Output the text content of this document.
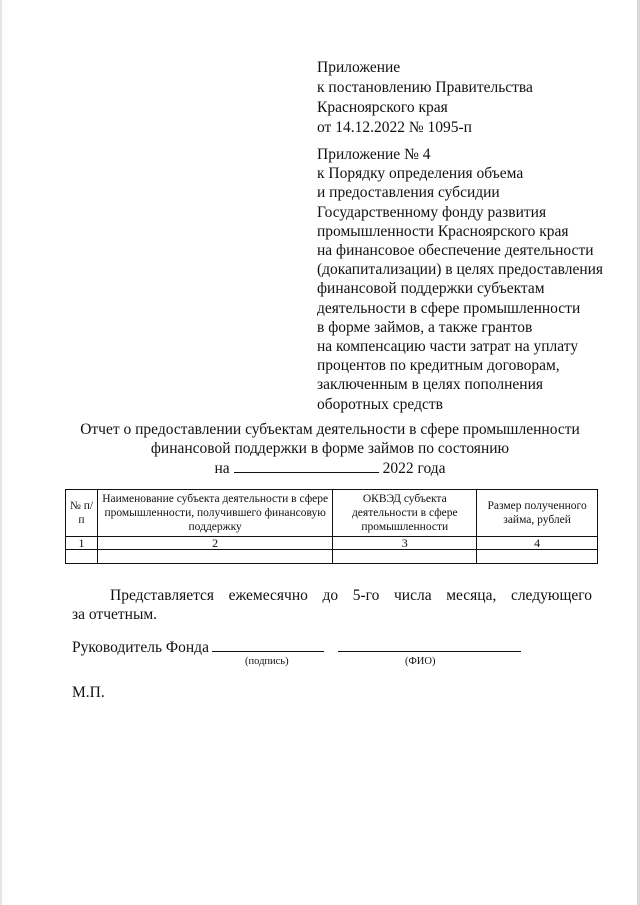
Приложение
к постановлению Правительства
Красноярского края
от 14.12.2022 № 1095-п
Приложение № 4
к Порядку определения объема
и предоставления субсидии
Государственному фонду развития
промышленности Красноярского края
на финансовое обеспечение деятельности
(докапитализации) в целях предоставления
финансовой поддержки субъектам
деятельности в сфере промышленности
в форме займов, а также грантов
на компенсацию части затрат на уплату
процентов по кредитным договорам,
заключенным в целях пополнения
оборотных средств
Отчет о предоставлении субъектам деятельности в сфере промышленности
финансовой поддержки в форме займов по состоянию
на	2022 года
№ п/п	Наименование субъекта деятельности в сфере промышленности, получившего финансовую поддержку	ОКВЭД субъекта деятельности в сфере промышленности	Размер полученного займа, рублей
1	2	3	4

Представляется ежемесячно до 5-го числа месяца, следующего
за отчетным.
Руководитель Фонда
(подпись)	(ФИО)
М.П.
